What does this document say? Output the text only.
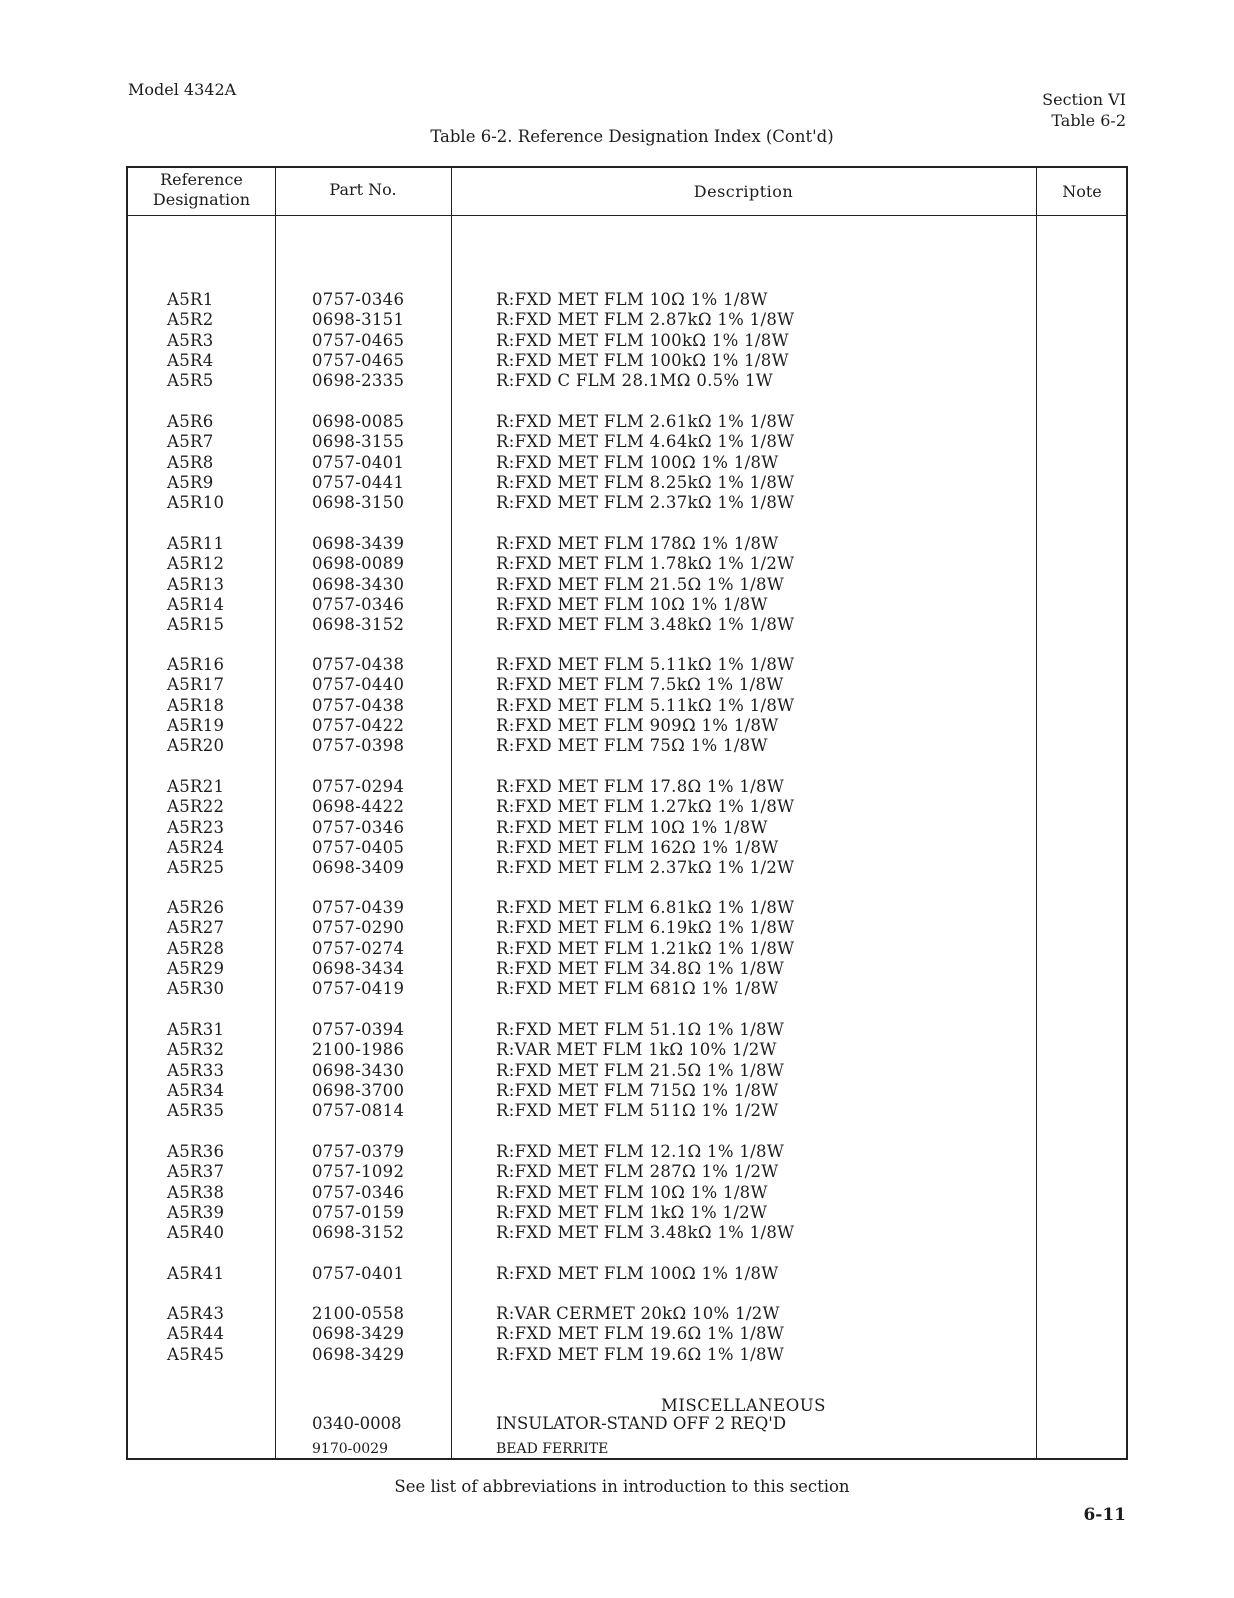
Model 4342A
Section VI
Table 6-2
Table 6-2. Reference Designation Index (Cont'd)
Reference
Designation
Part No.	Description	Note
A5R1	0757-0346	R:FXD MET FLM 10Ω 1% 1/8W
A5R2	0698-3151	R:FXD MET FLM 2.87kΩ 1% 1/8W
A5R3	0757-0465	R:FXD MET FLM 100kΩ 1% 1/8W
A5R4	0757-0465	R:FXD MET FLM 100kΩ 1% 1/8W
A5R5	0698-2335	R:FXD C FLM 28.1MΩ 0.5% 1W
A5R6	0698-0085	R:FXD MET FLM 2.61kΩ 1% 1/8W
A5R7	0698-3155	R:FXD MET FLM 4.64kΩ 1% 1/8W
A5R8	0757-0401	R:FXD MET FLM 100Ω 1% 1/8W
A5R9	0757-0441	R:FXD MET FLM 8.25kΩ 1% 1/8W
A5R10	0698-3150	R:FXD MET FLM 2.37kΩ 1% 1/8W
A5R11	0698-3439	R:FXD MET FLM 178Ω 1% 1/8W
A5R12	0698-0089	R:FXD MET FLM 1.78kΩ 1% 1/2W
A5R13	0698-3430	R:FXD MET FLM 21.5Ω 1% 1/8W
A5R14	0757-0346	R:FXD MET FLM 10Ω 1% 1/8W
A5R15	0698-3152	R:FXD MET FLM 3.48kΩ 1% 1/8W
A5R16	0757-0438	R:FXD MET FLM 5.11kΩ 1% 1/8W
A5R17	0757-0440	R:FXD MET FLM 7.5kΩ 1% 1/8W
A5R18	0757-0438	R:FXD MET FLM 5.11kΩ 1% 1/8W
A5R19	0757-0422	R:FXD MET FLM 909Ω 1% 1/8W
A5R20	0757-0398	R:FXD MET FLM 75Ω 1% 1/8W
A5R21	0757-0294	R:FXD MET FLM 17.8Ω 1% 1/8W
A5R22	0698-4422	R:FXD MET FLM 1.27kΩ 1% 1/8W
A5R23	0757-0346	R:FXD MET FLM 10Ω 1% 1/8W
A5R24	0757-0405	R:FXD MET FLM 162Ω 1% 1/8W
A5R25	0698-3409	R:FXD MET FLM 2.37kΩ 1% 1/2W
A5R26	0757-0439	R:FXD MET FLM 6.81kΩ 1% 1/8W
A5R27	0757-0290	R:FXD MET FLM 6.19kΩ 1% 1/8W
A5R28	0757-0274	R:FXD MET FLM 1.21kΩ 1% 1/8W
A5R29	0698-3434	R:FXD MET FLM 34.8Ω 1% 1/8W
A5R30	0757-0419	R:FXD MET FLM 681Ω 1% 1/8W
A5R31	0757-0394	R:FXD MET FLM 51.1Ω 1% 1/8W
A5R32	2100-1986	R:VAR MET FLM 1kΩ 10% 1/2W
A5R33	0698-3430	R:FXD MET FLM 21.5Ω 1% 1/8W
A5R34	0698-3700	R:FXD MET FLM 715Ω 1% 1/8W
A5R35	0757-0814	R:FXD MET FLM 511Ω 1% 1/2W
A5R36	0757-0379	R:FXD MET FLM 12.1Ω 1% 1/8W
A5R37	0757-1092	R:FXD MET FLM 287Ω 1% 1/2W
A5R38	0757-0346	R:FXD MET FLM 10Ω 1% 1/8W
A5R39	0757-0159	R:FXD MET FLM 1kΩ 1% 1/2W
A5R40	0698-3152	R:FXD MET FLM 3.48kΩ 1% 1/8W
A5R41	0757-0401	R:FXD MET FLM 100Ω 1% 1/8W
A5R43	2100-0558	R:VAR CERMET 20kΩ 10% 1/2W
A5R44	0698-3429	R:FXD MET FLM 19.6Ω 1% 1/8W
A5R45	0698-3429	R:FXD MET FLM 19.6Ω 1% 1/8W
MISCELLANEOUS
0340-0008	INSULATOR-STAND OFF 2 REQ'D
9170-0029	BEAD FERRITE
See list of abbreviations in introduction to this section
6-11
